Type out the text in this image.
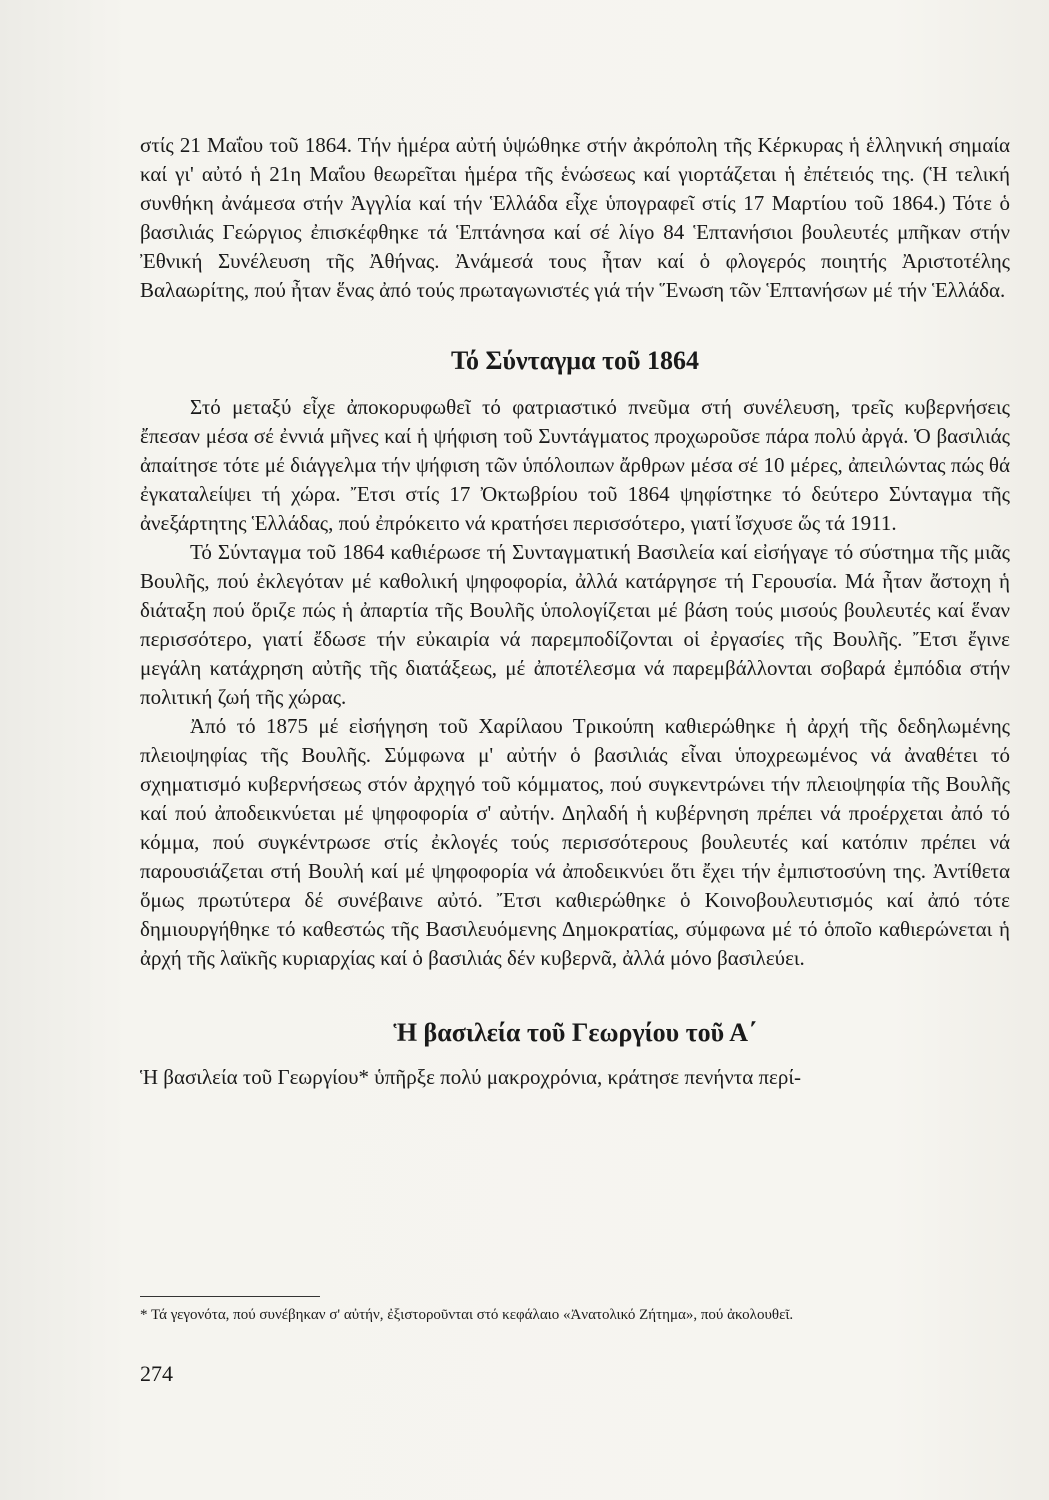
στίς 21 Μαΐου τοῦ 1864. Τήν ἡμέρα αὐτή ὑψώθηκε στήν ἀκρόπολη τῆς Κέρκυρας ἡ ἑλληνική σημαία καί γι' αὐτό ἡ 21η Μαΐου θεωρεῖται ἡμέρα τῆς ἑνώσεως καί γιορτάζεται ἡ ἐπέτειός της. (Ἡ τελική συνθήκη ἀνάμεσα στήν Ἀγγλία καί τήν Ἑλλάδα εἶχε ὑπογραφεῖ στίς 17 Μαρτίου τοῦ 1864.) Τότε ὁ βασιλιάς Γεώργιος ἐπισκέφθηκε τά Ἑπτάνησα καί σέ λίγο 84 Ἑπτανήσιοι βουλευτές μπῆκαν στήν Ἐθνική Συνέλευση τῆς Ἀθήνας. Ἀνάμεσά τους ἦταν καί ὁ φλογερός ποιητής Ἀριστοτέλης Βαλαωρίτης, πού ἦταν ἕνας ἀπό τούς πρωταγωνιστές γιά τήν Ἕνωση τῶν Ἑπτανήσων μέ τήν Ἑλλάδα.

Τό Σύνταγμα τοῦ 1864

Στό μεταξύ εἶχε ἀποκορυφωθεῖ τό φατριαστικό πνεῦμα στή συνέλευση, τρεῖς κυβερνήσεις ἔπεσαν μέσα σέ ἐννιά μῆνες καί ἡ ψήφιση τοῦ Συντάγματος προχωροῦσε πάρα πολύ ἀργά. Ὁ βασιλιάς ἀπαίτησε τότε μέ διάγγελμα τήν ψήφιση τῶν ὑπόλοιπων ἄρθρων μέσα σέ 10 μέρες, ἀπειλώντας πώς θά ἐγκαταλείψει τή χώρα. Ἔτσι στίς 17 Ὀκτωβρίου τοῦ 1864 ψηφίστηκε τό δεύτερο Σύνταγμα τῆς ἀνεξάρτητης Ἑλλάδας, πού ἐπρόκειτο νά κρατήσει περισσότερο, γιατί ἴσχυσε ὥς τά 1911.

Τό Σύνταγμα τοῦ 1864 καθιέρωσε τή Συνταγματική Βασιλεία καί εἰσήγαγε τό σύστημα τῆς μιᾶς Βουλῆς, πού ἐκλεγόταν μέ καθολική ψηφοφορία, ἀλλά κατάργησε τή Γερουσία. Μά ἦταν ἄστοχη ἡ διάταξη πού ὅριζε πώς ἡ ἀπαρτία τῆς Βουλῆς ὑπολογίζεται μέ βάση τούς μισούς βουλευτές καί ἕναν περισσότερο, γιατί ἔδωσε τήν εὐκαιρία νά παρεμποδίζονται οἱ ἐργασίες τῆς Βουλῆς. Ἔτσι ἔγινε μεγάλη κατάχρηση αὐτῆς τῆς διατάξεως, μέ ἀποτέλεσμα νά παρεμβάλλονται σοβαρά ἐμπόδια στήν πολιτική ζωή τῆς χώρας.

Ἀπό τό 1875 μέ εἰσήγηση τοῦ Χαρίλαου Τρικούπη καθιερώθηκε ἡ ἀρχή τῆς δεδηλωμένης πλειοψηφίας τῆς Βουλῆς. Σύμφωνα μ' αὐτήν ὁ βασιλιάς εἶναι ὑποχρεωμένος νά ἀναθέτει τό σχηματισμό κυβερνήσεως στόν ἀρχηγό τοῦ κόμματος, πού συγκεντρώνει τήν πλειοψηφία τῆς Βουλῆς καί πού ἀποδεικνύεται μέ ψηφοφορία σ' αὐτήν. Δηλαδή ἡ κυβέρνηση πρέπει νά προέρχεται ἀπό τό κόμμα, πού συγκέντρωσε στίς ἐκλογές τούς περισσότερους βουλευτές καί κατόπιν πρέπει νά παρουσιάζεται στή Βουλή καί μέ ψηφοφορία νά ἀποδεικνύει ὅτι ἔχει τήν ἐμπιστοσύνη της. Ἀντίθετα ὅμως πρωτύτερα δέ συνέβαινε αὐτό. Ἔτσι καθιερώθηκε ὁ Κοινοβουλευτισμός καί ἀπό τότε δημιουργήθηκε τό καθεστώς τῆς Βασιλευόμενης Δημοκρατίας, σύμφωνα μέ τό ὁποῖο καθιερώνεται ἡ ἀρχή τῆς λαϊκῆς κυριαρχίας καί ὁ βασιλιάς δέν κυβερνᾶ, ἀλλά μόνο βασιλεύει.

Ἡ βασιλεία τοῦ Γεωργίου τοῦ Α΄

Ἡ βασιλεία τοῦ Γεωργίου* ὑπῆρξε πολύ μακροχρόνια, κράτησε πενήντα περί-

* Τά γεγονότα, πού συνέβηκαν σ' αὐτήν, ἐξιστοροῦνται στό κεφάλαιο «Ἀνατολικό Ζήτημα», πού ἀκολουθεῖ.

274
